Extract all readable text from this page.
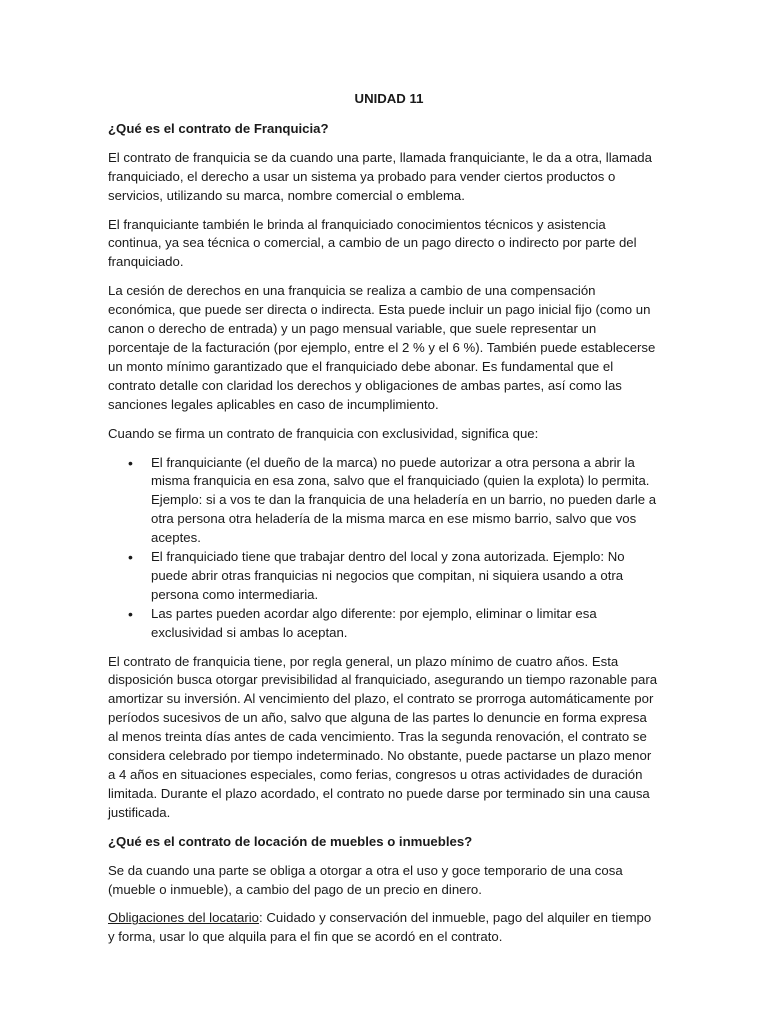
UNIDAD 11
¿Qué es el contrato de Franquicia?

El contrato de franquicia se da cuando una parte, llamada franquiciante, le da a otra, llamada franquiciado, el derecho a usar un sistema ya probado para vender ciertos productos o servicios, utilizando su marca, nombre comercial o emblema.

El franquiciante también le brinda al franquiciado conocimientos técnicos y asistencia continua, ya sea técnica o comercial, a cambio de un pago directo o indirecto por parte del franquiciado.

La cesión de derechos en una franquicia se realiza a cambio de una compensación económica, que puede ser directa o indirecta. Esta puede incluir un pago inicial fijo (como un canon o derecho de entrada) y un pago mensual variable, que suele representar un porcentaje de la facturación (por ejemplo, entre el 2 % y el 6 %). También puede establecerse un monto mínimo garantizado que el franquiciado debe abonar. Es fundamental que el contrato detalle con claridad los derechos y obligaciones de ambas partes, así como las sanciones legales aplicables en caso de incumplimiento.

Cuando se firma un contrato de franquicia con exclusividad, significa que:

• El franquiciante (el dueño de la marca) no puede autorizar a otra persona a abrir la misma franquicia en esa zona, salvo que el franquiciado (quien la explota) lo permita. Ejemplo: si a vos te dan la franquicia de una heladería en un barrio, no pueden darle a otra persona otra heladería de la misma marca en ese mismo barrio, salvo que vos aceptes.
• El franquiciado tiene que trabajar dentro del local y zona autorizada. Ejemplo: No puede abrir otras franquicias ni negocios que compitan, ni siquiera usando a otra persona como intermediaria.
• Las partes pueden acordar algo diferente: por ejemplo, eliminar o limitar esa exclusividad si ambas lo aceptan.

El contrato de franquicia tiene, por regla general, un plazo mínimo de cuatro años. Esta disposición busca otorgar previsibilidad al franquiciado, asegurando un tiempo razonable para amortizar su inversión. Al vencimiento del plazo, el contrato se prorroga automáticamente por períodos sucesivos de un año, salvo que alguna de las partes lo denuncie en forma expresa al menos treinta días antes de cada vencimiento. Tras la segunda renovación, el contrato se considera celebrado por tiempo indeterminado. No obstante, puede pactarse un plazo menor a 4 años en situaciones especiales, como ferias, congresos u otras actividades de duración limitada. Durante el plazo acordado, el contrato no puede darse por terminado sin una causa justificada.

¿Qué es el contrato de locación de muebles o inmuebles?

Se da cuando una parte se obliga a otorgar a otra el uso y goce temporario de una cosa (mueble o inmueble), a cambio del pago de un precio en dinero.

Obligaciones del locatario: Cuidado y conservación del inmueble, pago del alquiler en tiempo y forma, usar lo que alquila para el fin que se acordó en el contrato.
